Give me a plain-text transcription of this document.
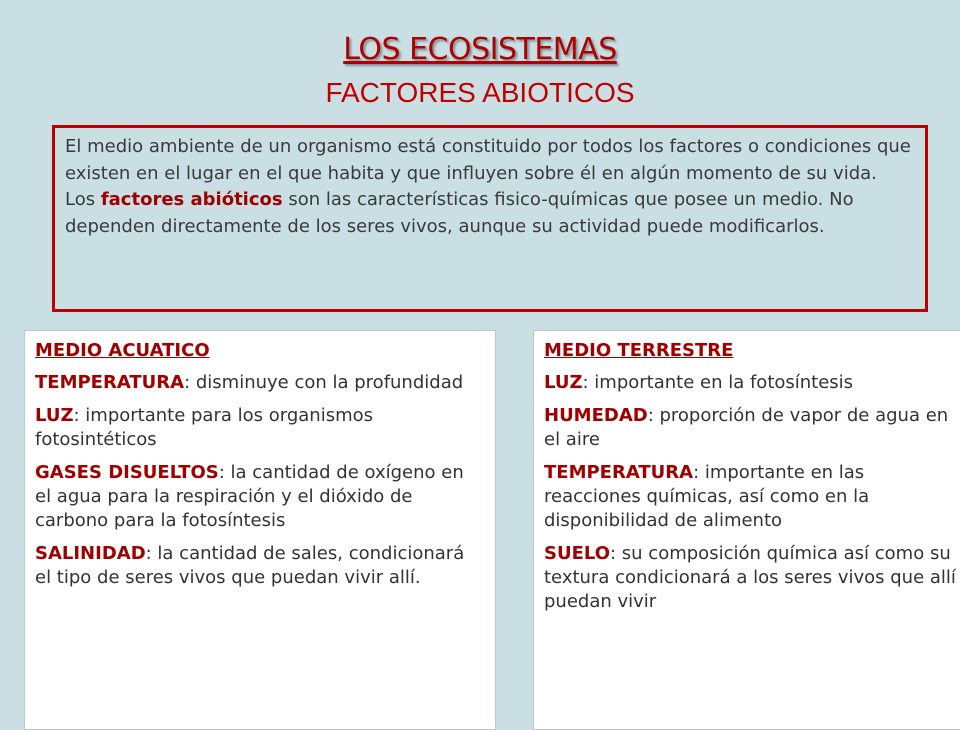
LOS ECOSISTEMAS
FACTORES ABIOTICOS

El medio ambiente de un organismo está constituido por todos los factores o condiciones que existen en el lugar en el que habita y que influyen sobre él en algún momento de su vida.

Los factores abióticos son las características fisico-químicas que posee un medio. No dependen directamente de los seres vivos, aunque su actividad puede modificarlos.

MEDIO ACUATICO
TEMPERATURA: disminuye con la profundidad
LUZ: importante para los organismos fotosintéticos
GASES DISUELTOS: la cantidad de oxígeno en el agua para la respiración y el dióxido de carbono para la fotosíntesis
SALINIDAD: la cantidad de sales, condicionará el tipo de seres vivos que puedan vivir allí.
MEDIO TERRESTRE
LUZ: importante en la fotosíntesis
HUMEDAD: proporción de vapor de agua en el aire
TEMPERATURA: importante en las reacciones químicas, así como en la disponibilidad de alimento
SUELO: su composición química así como su textura condicionará a los seres vivos que allí puedan vivir
